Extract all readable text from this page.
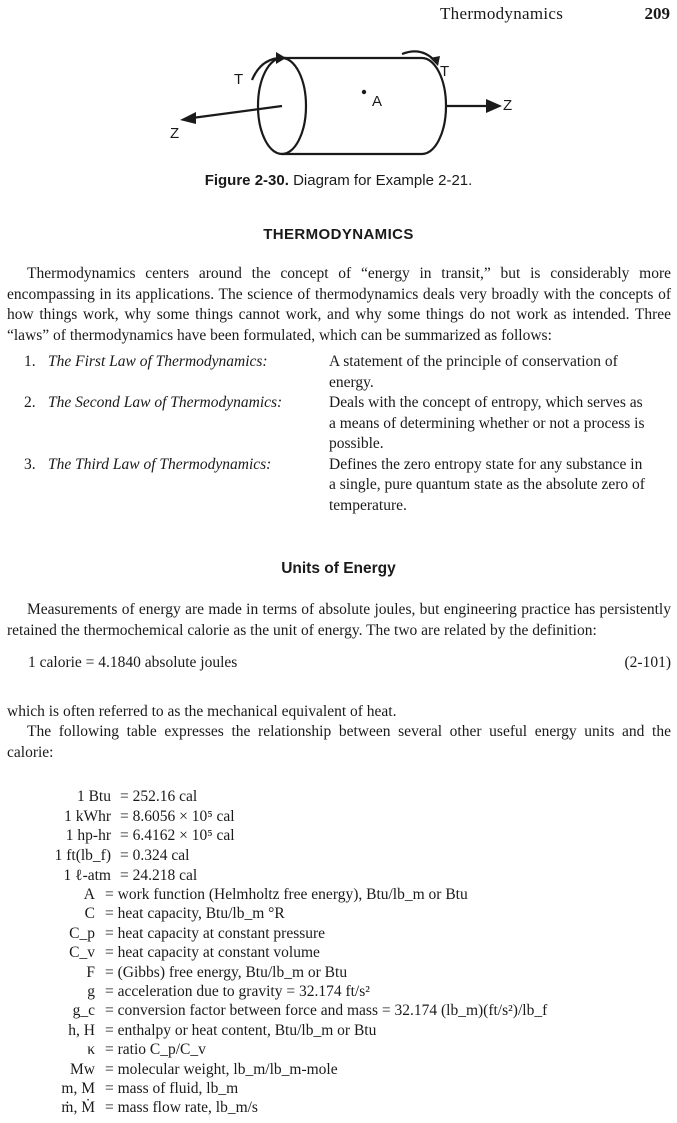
Thermodynamics	209
T	T
A
Z
Z
Figure 2-30. Diagram for Example 2-21.
THERMODYNAMICS
Thermodynamics centers around the concept of “energy in transit,” but is considerably more encompassing in its applications. The science of thermodynamics deals very broadly with the concepts of how things work, why some things cannot work, and why some things do not work as intended. Three “laws” of thermodynamics have been formulated, which can be summarized as follows:
1. The First Law of Thermodynamics:	A statement of the principle of conservation of energy.
2. The Second Law of Thermodynamics:	Deals with the concept of entropy, which serves as a means of determining whether or not a process is possible.
3. The Third Law of Thermodynamics:	Defines the zero entropy state for any substance in a single, pure quantum state as the absolute zero of temperature.
Units of Energy
Measurements of energy are made in terms of absolute joules, but engineering practice has persistently retained the thermochemical calorie as the unit of energy. The two are related by the definition:
1 calorie = 4.1840 absolute joules	(2-101)
which is often referred to as the mechanical equivalent of heat.
The following table expresses the relationship between several other useful energy units and the calorie:
1 Btu = 252.16 cal
1 kWhr = 8.6056 × 10⁵ cal
1 hp-hr = 6.4162 × 10⁵ cal
1 ft(lb_f) = 0.324 cal
1 ℓ-atm = 24.218 cal
A = work function (Helmholtz free energy), Btu/lb_m or Btu
C = heat capacity, Btu/lb_m °R
C_p = heat capacity at constant pressure
C_v = heat capacity at constant volume
F = (Gibbs) free energy, Btu/lb_m or Btu
g = acceleration due to gravity = 32.174 ft/s²
g_c = conversion factor between force and mass = 32.174 (lb_m)(ft/s²)/lb_f
h, H = enthalpy or heat content, Btu/lb_m or Btu
κ = ratio C_p/C_v
Mw = molecular weight, lb_m/lb_m-mole
m, M = mass of fluid, lb_m
ṁ, Ṁ = mass flow rate, lb_m/s
